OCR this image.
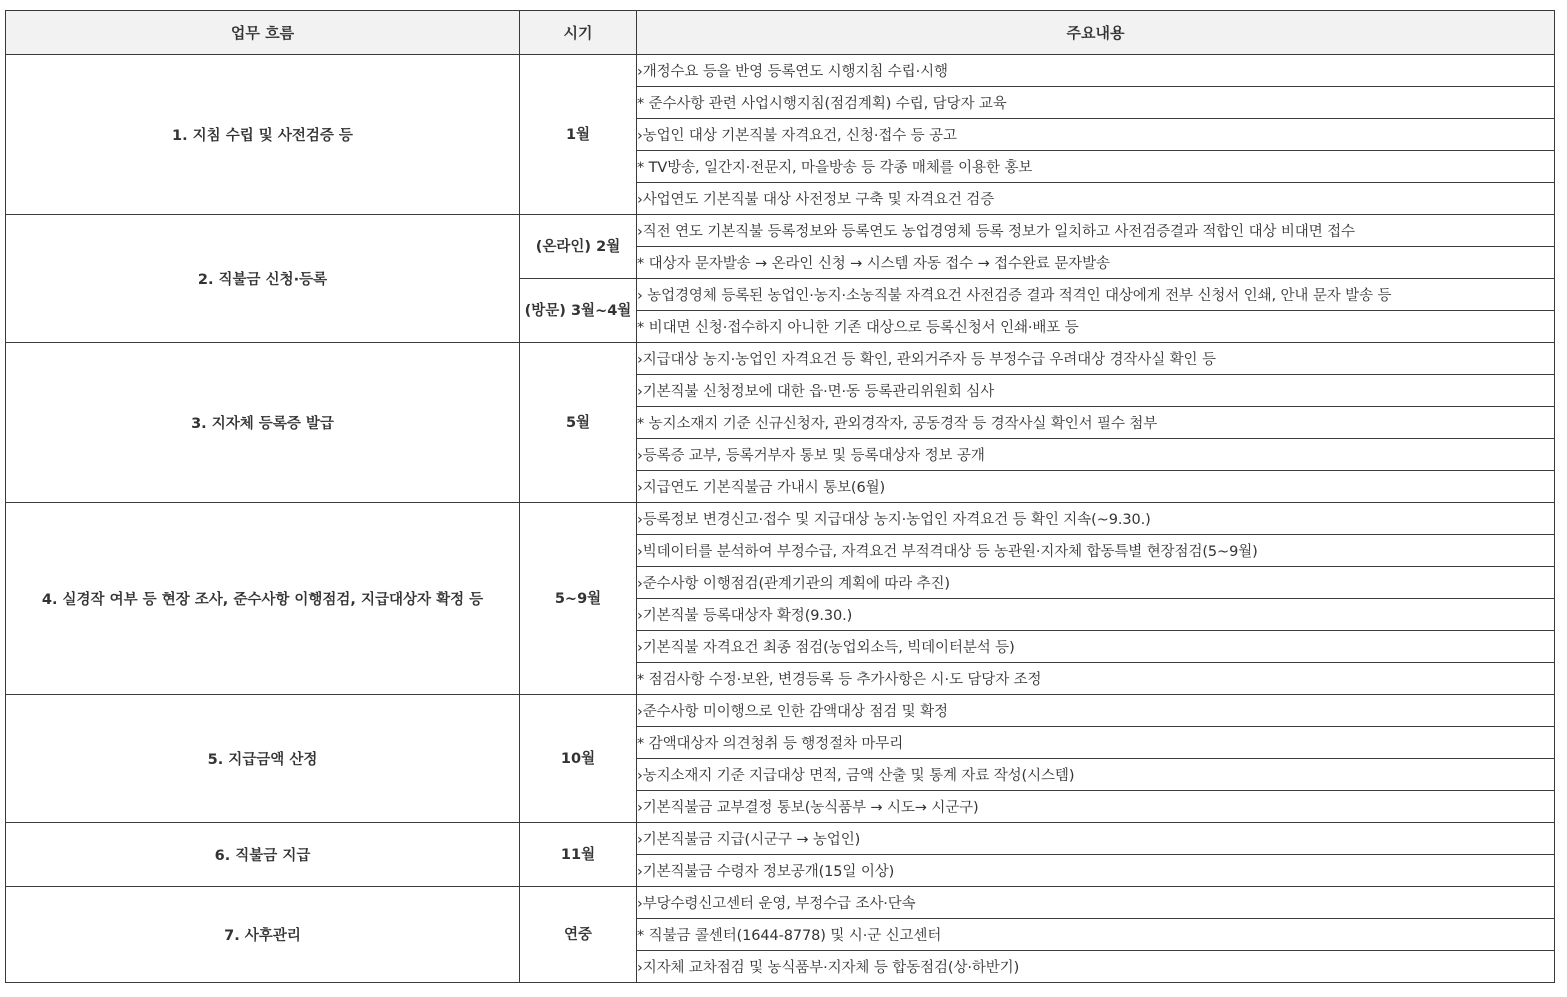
업무 흐름	시기	주요내용
1. 지침 수립 및 사전검증 등	1월	›개정수요 등을 반영 등록연도 시행지침 수립·시행
		* 준수사항 관련 사업시행지침(점검계획) 수립, 담당자 교육
		›농업인 대상 기본직불 자격요건, 신청·접수 등 공고
		* TV방송, 일간지·전문지, 마을방송 등 각종 매체를 이용한 홍보
		›사업연도 기본직불 대상 사전정보 구축 및 자격요건 검증
2. 직불금 신청·등록	(온라인) 2월	›직전 연도 기본직불 등록정보와 등록연도 농업경영체 등록 정보가 일치하고 사전검증결과 적합인 대상 비대면 접수
		* 대상자 문자발송 → 온라인 신청 → 시스템 자동 접수 → 접수완료 문자발송
	(방문) 3월~4월	› 농업경영체 등록된 농업인·농지·소농직불 자격요건 사전검증 결과 적격인 대상에게 전부 신청서 인쇄, 안내 문자 발송 등
		* 비대면 신청·접수하지 아니한 기존 대상으로 등록신청서 인쇄·배포 등
3. 지자체 등록증 발급	5월	›지급대상 농지·농업인 자격요건 등 확인, 관외거주자 등 부정수급 우려대상 경작사실 확인 등
		›기본직불 신청정보에 대한 읍·면·동 등록관리위원회 심사
		* 농지소재지 기준 신규신청자, 관외경작자, 공동경작 등 경작사실 확인서 필수 첨부
		›등록증 교부, 등록거부자 통보 및 등록대상자 정보 공개
		›지급연도 기본직불금 가내시 통보(6월)
4. 실경작 여부 등 현장 조사, 준수사항 이행점검, 지급대상자 확정 등	5~9월	›등록정보 변경신고·접수 및 지급대상 농지·농업인 자격요건 등 확인 지속(~9.30.)
		›빅데이터를 분석하여 부정수급, 자격요건 부적격대상 등 농관원·지자체 합동특별 현장점검(5~9월)
		›준수사항 이행점검(관계기관의 계획에 따라 추진)
		›기본직불 등록대상자 확정(9.30.)
		›기본직불 자격요건 최종 점검(농업외소득, 빅데이터분석 등)
		* 점검사항 수정·보완, 변경등록 등 추가사항은 시·도 담당자 조정
5. 지급금액 산정	10월	›준수사항 미이행으로 인한 감액대상 점검 및 확정
		* 감액대상자 의견청취 등 행정절차 마무리
		›농지소재지 기준 지급대상 면적, 금액 산출 및 통계 자료 작성(시스템)
		›기본직불금 교부결정 통보(농식품부 → 시도→ 시군구)
6. 직불금 지급	11월	›기본직불금 지급(시군구 → 농업인)
		›기본직불금 수령자 정보공개(15일 이상)
7. 사후관리	연중	›부당수령신고센터 운영, 부정수급 조사·단속
		* 직불금 콜센터(1644-8778) 및 시·군 신고센터
		›지자체 교차점검 및 농식품부·지자체 등 합동점검(상·하반기)
